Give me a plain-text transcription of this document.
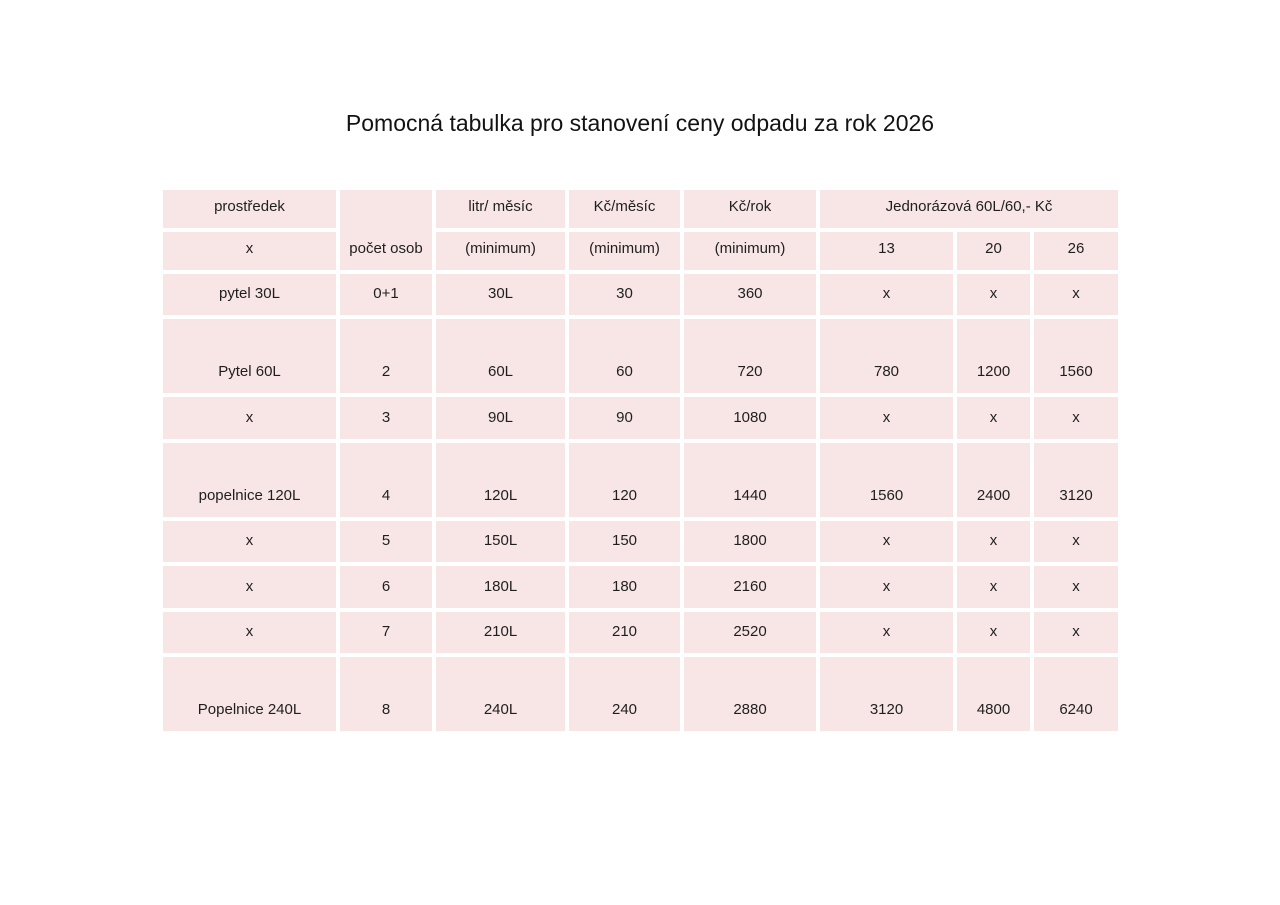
Pomocná tabulka pro stanovení ceny odpadu za rok 2026
prostředek	počet osob	litr/ měsíc	Kč/měsíc	Kč/rok	Jednorázová 60L/60,- Kč		
x		(minimum)	(minimum)	(minimum)	13	20	26
pytel 30L	0+1	30L	30	360	x	x	x
Pytel 60L	2	60L	60	720	780	1200	1560
x	3	90L	90	1080	x	x	x
popelnice 120L	4	120L	120	1440	1560	2400	3120
x	5	150L	150	1800	x	x	x
x	6	180L	180	2160	x	x	x
x	7	210L	210	2520	x	x	x
Popelnice 240L	8	240L	240	2880	3120	4800	6240
